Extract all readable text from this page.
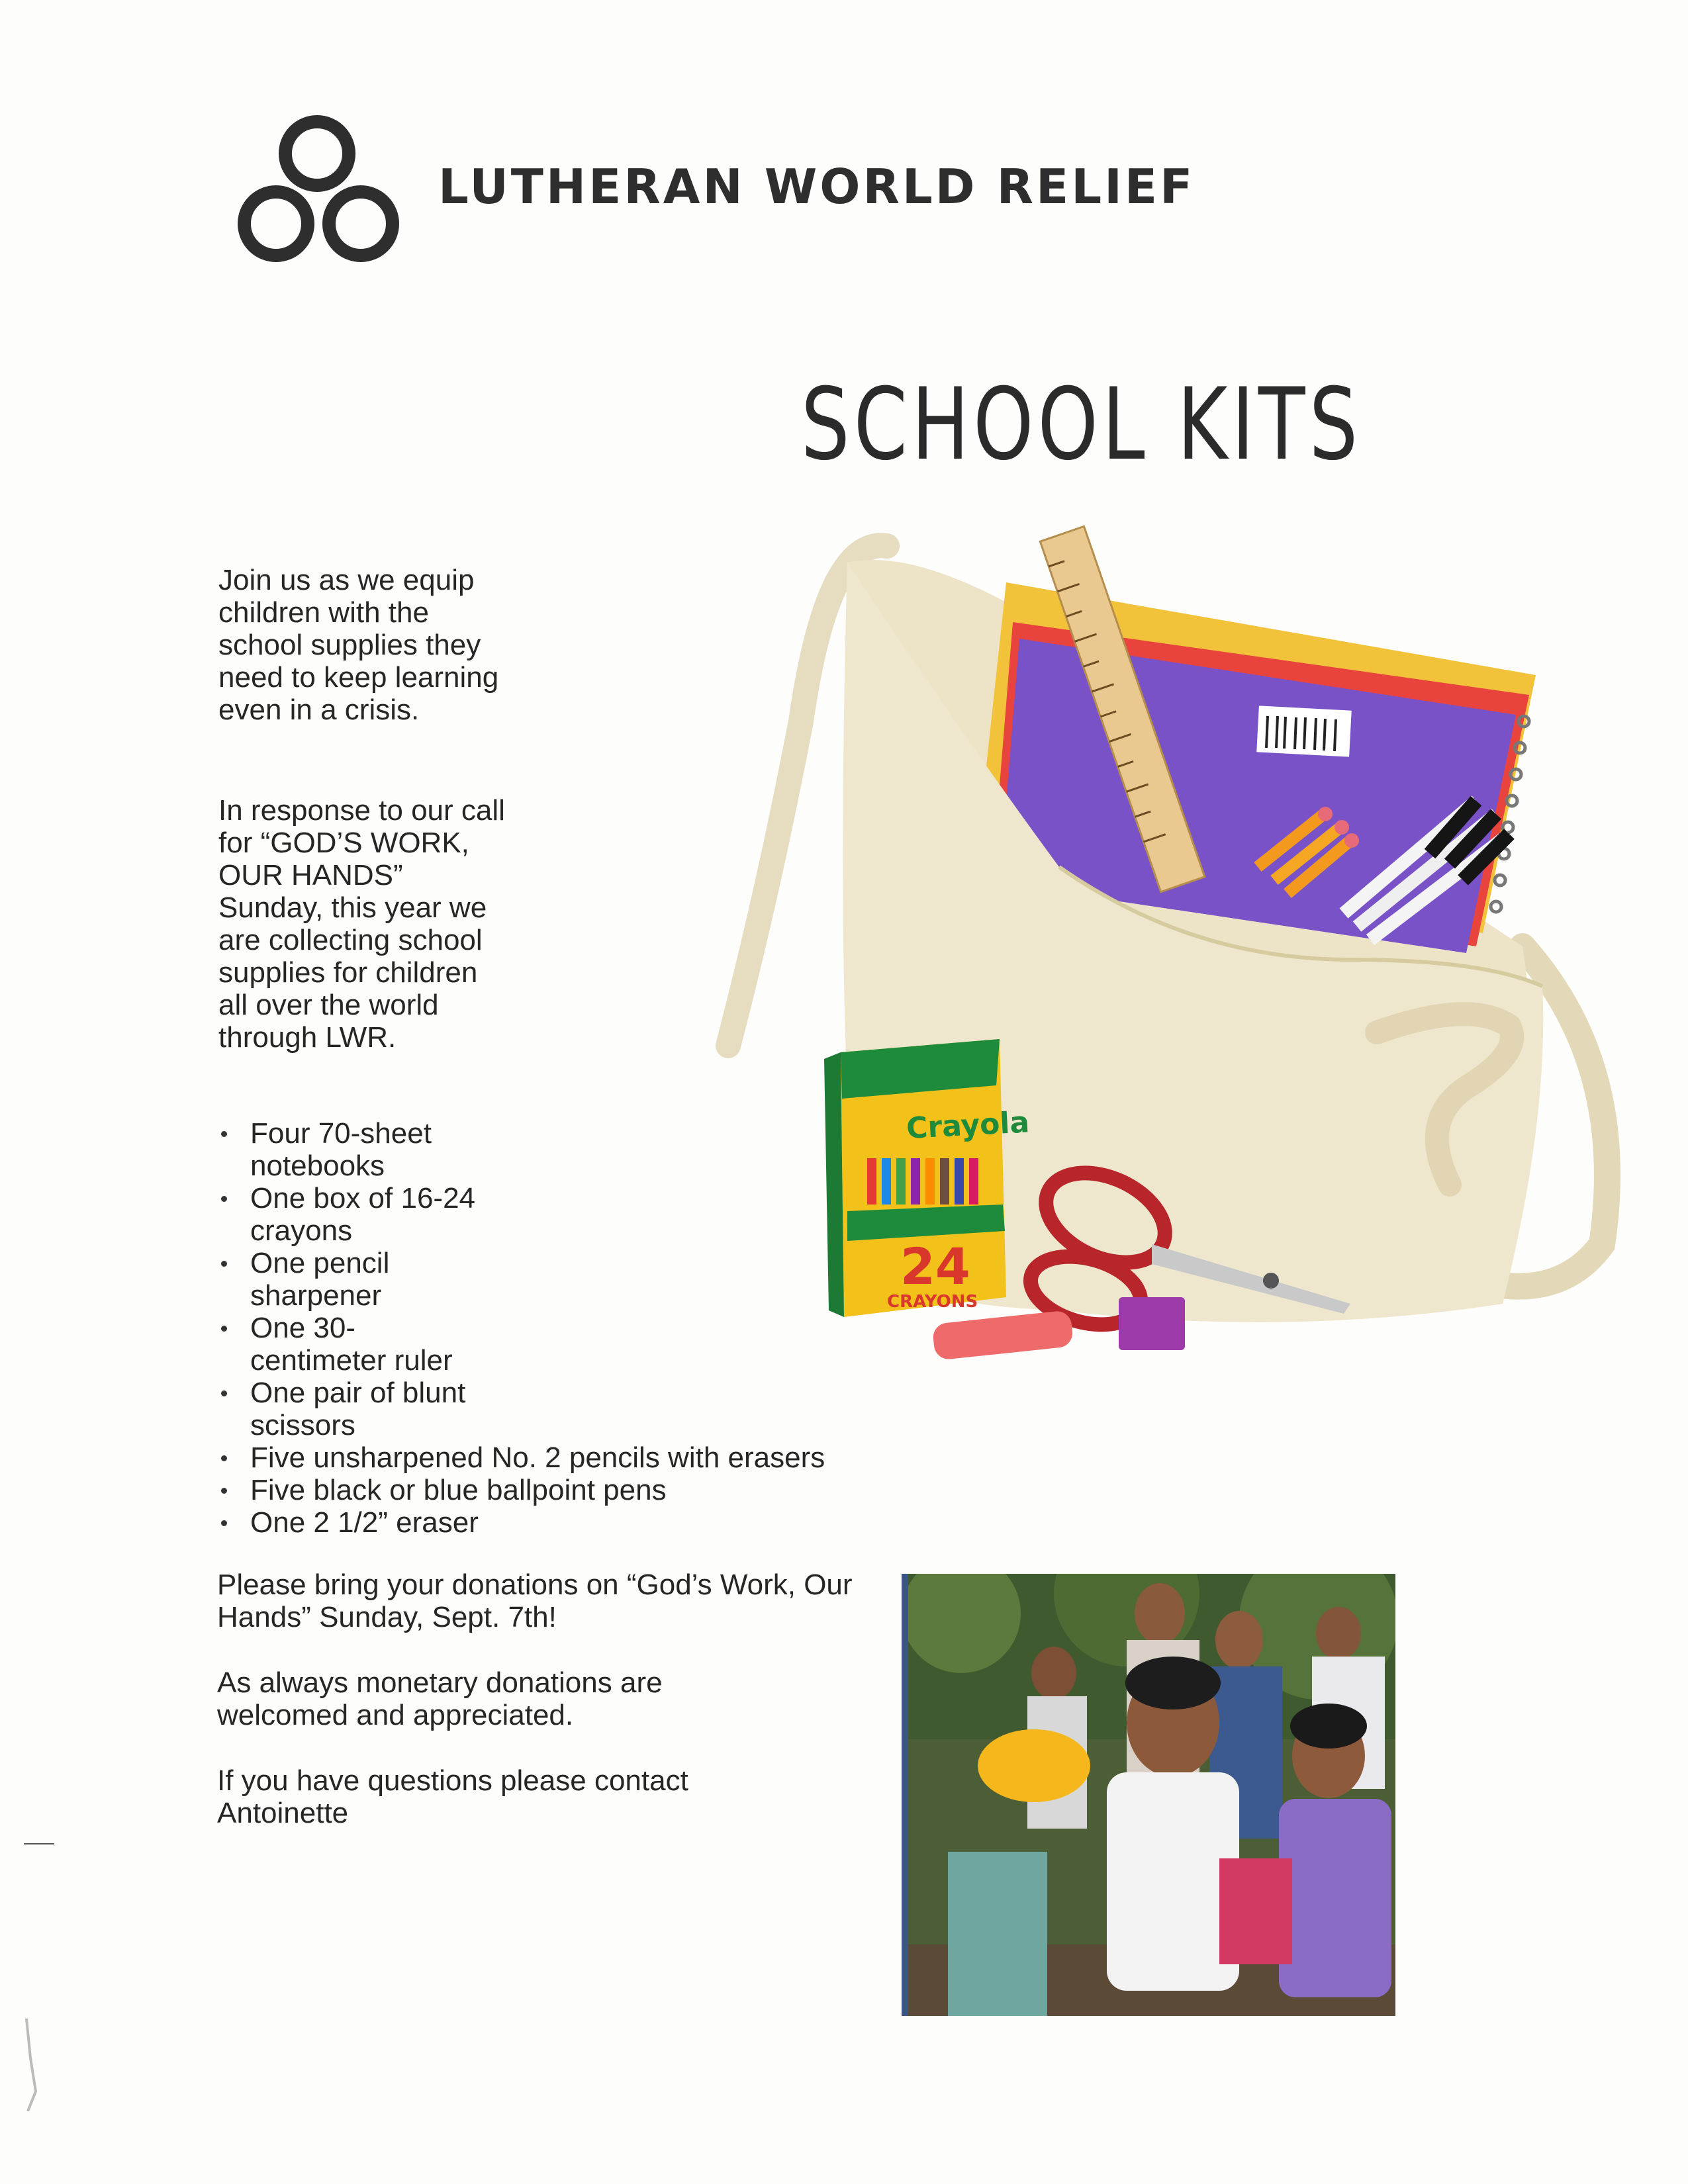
LUTHERAN WORLD RELIEF
SCHOOL KITS
Join us as we equip children with the school supplies they need to keep learning even in a crisis.
In response to our call for “GOD’S WORK, OUR HANDS” Sunday, this year we are collecting school supplies for children all over the world through LWR.
Four 70-sheet notebooks
One box of 16-24 crayons
One pencil sharpener
One 30-centimeter ruler
One pair of blunt scissors
Five unsharpened No. 2 pencils with erasers
Five black or blue ballpoint pens
One 2 1/2” eraser
Please bring your donations on “God’s Work, Our Hands” Sunday, Sept. 7th!
As always monetary donations are welcomed and appreciated.
If you have questions please contact Antoinette
Crayola
24
CRAYONS
